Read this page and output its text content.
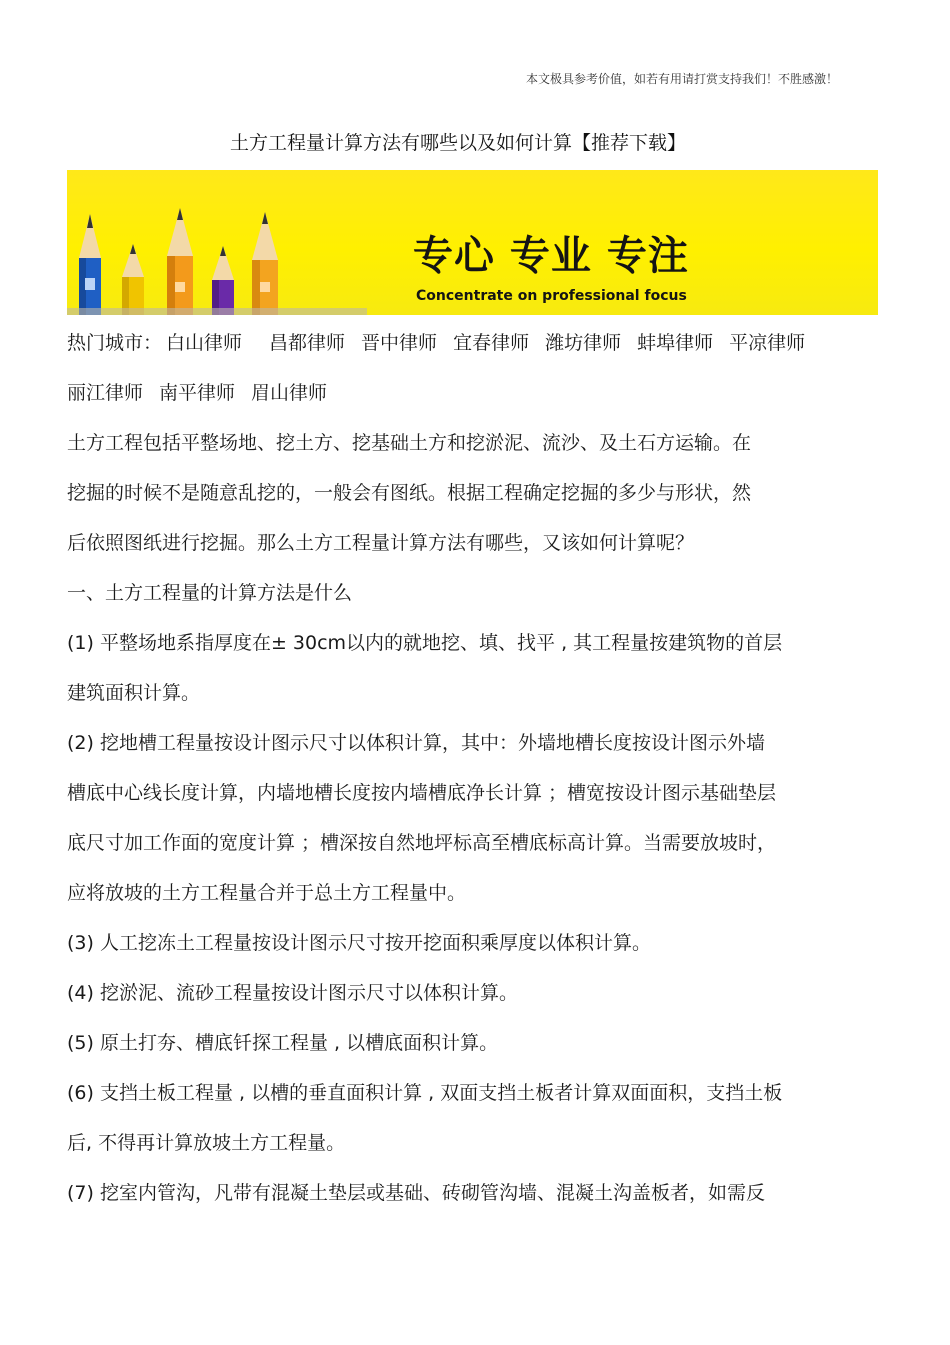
本文极具参考价值，如若有用请打赏支持我们！不胜感激！
土方工程量计算方法有哪些以及如何计算【推荐下载】
专心 专业 专注
Concentrate on professional focus

热门城市： 白山律师 昌都律师 晋中律师 宜春律师 潍坊律师 蚌埠律师 平凉律师

丽江律师 南平律师 眉山律师

土方工程包括平整场地、挖土方、挖基础土方和挖淤泥、流沙、及土石方运输。在

挖掘的时候不是随意乱挖的，一般会有图纸。根据工程确定挖掘的多少与形状，然

后依照图纸进行挖掘。那么土方工程量计算方法有哪些，又该如何计算呢？

一、土方工程量的计算方法是什么

(1) 平整场地系指厚度在± 30cm以内的就地挖、填、找平 , 其工程量按建筑物的首层

建筑面积计算。

(2) 挖地槽工程量按设计图示尺寸以体积计算，其中：外墙地槽长度按设计图示外墙

槽底中心线长度计算，内墙地槽长度按内墙槽底净长计算 ；槽宽按设计图示基础垫层

底尺寸加工作面的宽度计算 ；槽深按自然地坪标高至槽底标高计算。当需要放坡时，

应将放坡的土方工程量合并于总土方工程量中。

(3) 人工挖冻土工程量按设计图示尺寸按开挖面积乘厚度以体积计算。

(4) 挖淤泥、流砂工程量按设计图示尺寸以体积计算。

(5) 原土打夯、槽底钎探工程量 , 以槽底面积计算。

(6) 支挡土板工程量 , 以槽的垂直面积计算 , 双面支挡土板者计算双面面积，支挡土板

后, 不得再计算放坡土方工程量。

(7) 挖室内管沟，凡带有混凝土垫层或基础、砖砌管沟墙、混凝土沟盖板者，如需反
